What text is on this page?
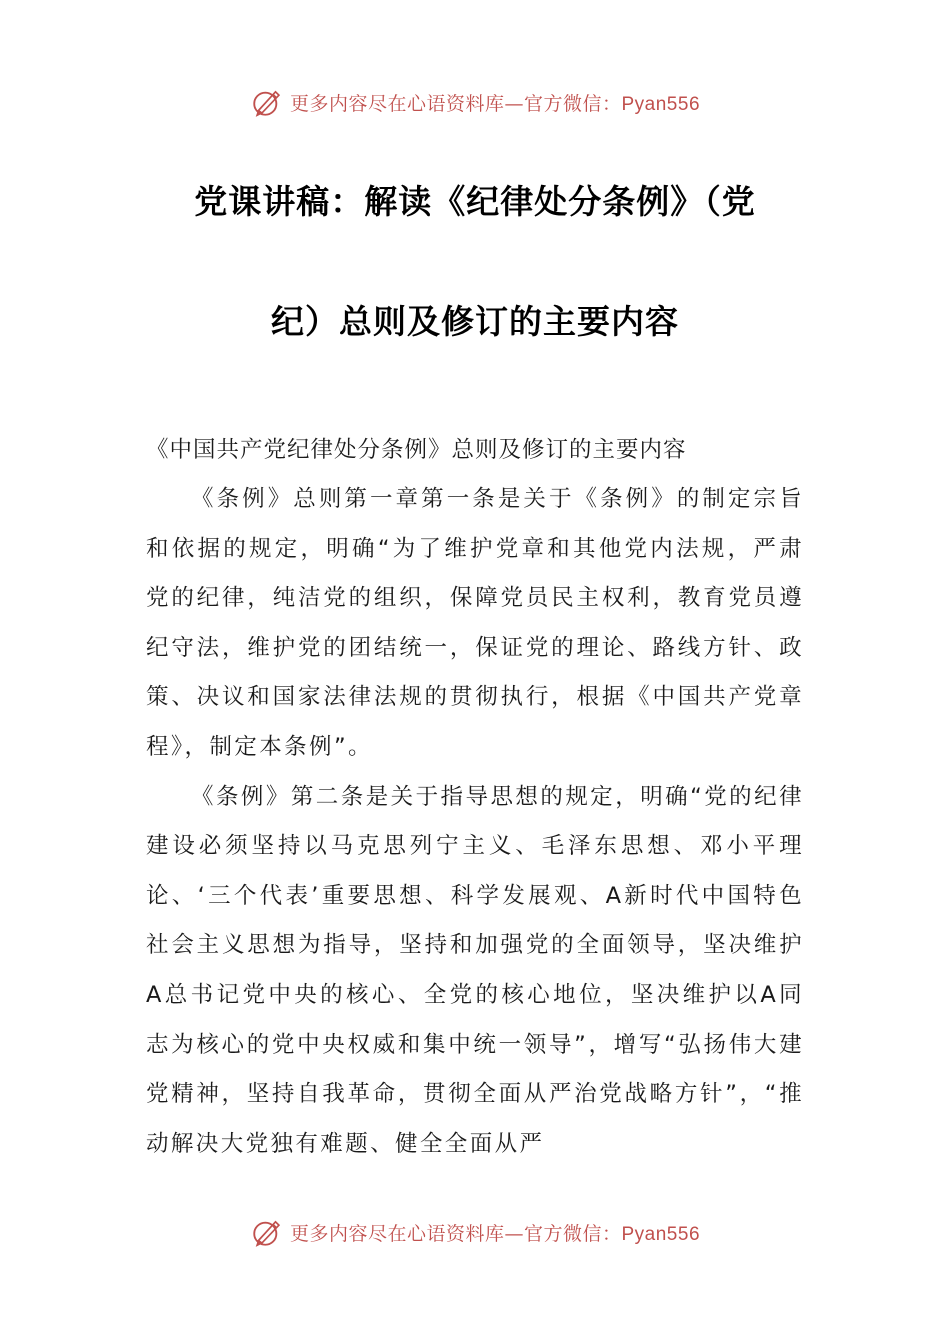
更多内容尽在心语资料库—官方微信：Pyan556
党课讲稿：解读《纪律处分条例》（党
纪）总则及修订的主要内容
《中国共产党纪律处分条例》总则及修订的主要内容

《条例》总则第一章第一条是关于《条例》的制定宗旨和依据的规定，明确“为了维护党章和其他党内法规，严肃党的纪律，纯洁党的组织，保障党员民主权利，教育党员遵纪守法，维护党的团结统一，保证党的理论、路线方针、政策、决议和国家法律法规的贯彻执行，根据《中国共产党章程》，制定本条例”。

《条例》第二条是关于指导思想的规定，明确“党的纪律建设必须坚持以马克思列宁主义、毛泽东思想、邓小平理论、‘三个代表’重要思想、科学发展观、A新时代中国特色社会主义思想为指导，坚持和加强党的全面领导，坚决维护A总书记党中央的核心、全党的核心地位，坚决维护以A同志为核心的党中央权威和集中统一领导”，增写“弘扬伟大建党精神，坚持自我革命，贯彻全面从严治党战略方针”，“推动解决大党独有难题、健全全面从严

更多内容尽在心语资料库—官方微信：Pyan556
